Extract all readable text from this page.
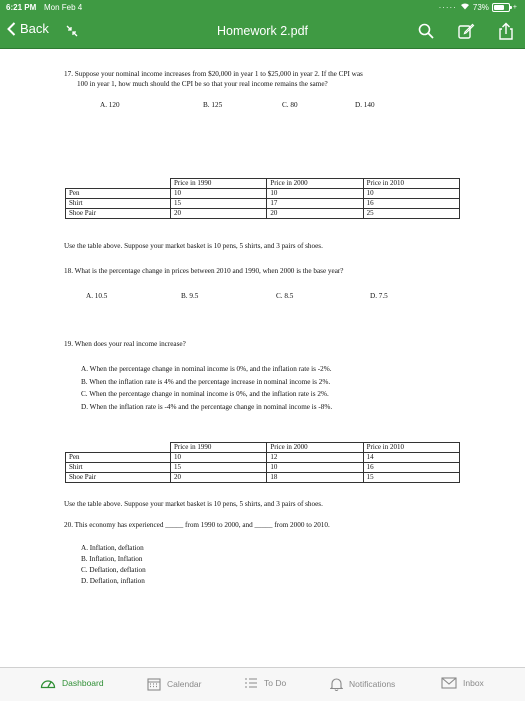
6:21 PM Mon Feb 4	····· 73%	+
Back	Homework 2.pdf
17. Suppose your nominal income increases from $20,000 in year 1 to $25,000 in year 2. If the CPI was
100 in year 1, how much should the CPI be so that your real income remains the same?
A. 120	B. 125	C. 80	D. 140
	Price in 1990	Price in 2000	Price in 2010
Pen	10	10	10
Shirt	15	17	16
Shoe Pair	20	20	25
Use the table above. Suppose your market basket is 10 pens, 5 shirts, and 3 pairs of shoes.
18. What is the percentage change in prices between 2010 and 1990, when 2000 is the base year?
A. 10.5	B. 9.5	C. 8.5	D. 7.5
19. When does your real income increase?
A. When the percentage change in nominal income is 0%, and the inflation rate is -2%.
B. When the inflation rate is 4% and the percentage increase in nominal income is 2%.
C. When the percentage change in nominal income is 0%, and the inflation rate is 2%.
D. When the inflation rate is -4% and the percentage change in nominal income is -8%.
	Price in 1990	Price in 2000	Price in 2010
Pen	10	12	14
Shirt	15	10	16
Shoe Pair	20	18	15
Use the table above. Suppose your market basket is 10 pens, 5 shirts, and 3 pairs of shoes.
20. This economy has experienced _____ from 1990 to 2000, and _____ from 2000 to 2010.
A. Inflation, deflation
B. Inflation, Inflation
C. Deflation, deflation
D. Deflation, inflation
Dashboard	Calendar	To Do	Notifications	Inbox
